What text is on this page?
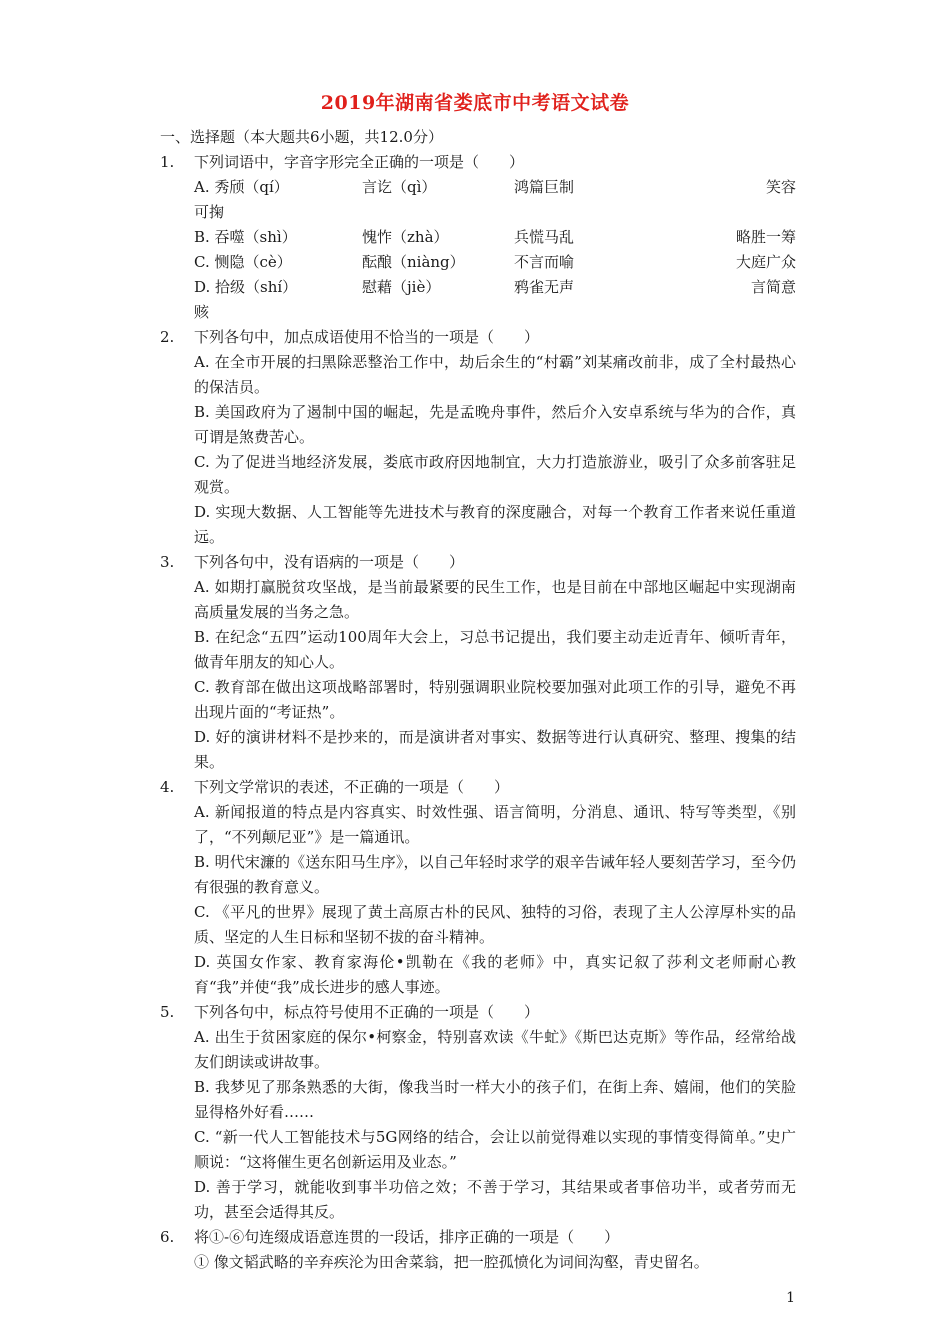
2019年湖南省娄底市中考语文试卷
一、选择题（本大题共6小题，共12.0分）
1.	下列词语中，字音字形完全正确的一项是（　　）
A. 秀颀（qí）	言讫（qì）	鸿篇巨制	笑容
可掬
B. 吞噬（shì）	愧怍（zhà）	兵慌马乱	略胜一筹
C. 恻隐（cè）	酝酿（niàng）	不言而喻	大庭广众
D. 拾级（shí）	慰藉（jiè）	鸦雀无声	言简意
赅
2.	下列各句中，加点成语使用不恰当的一项是（　　）
A. 在全市开展的扫黑除恶整治工作中，劫后余生的“村霸”刘某痛改前非，成了全村最热心的保洁员。
B. 美国政府为了遏制中国的崛起，先是孟晚舟事件，然后介入安卓系统与华为的合作，真可谓是煞费苦心。
C. 为了促进当地经济发展，娄底市政府因地制宜，大力打造旅游业，吸引了众多前客驻足观赏。
D. 实现大数据、人工智能等先进技术与教育的深度融合，对每一个教育工作者来说任重道远。
3.	下列各句中，没有语病的一项是（　　）
A. 如期打赢脱贫攻坚战，是当前最紧要的民生工作，也是目前在中部地区崛起中实现湖南高质量发展的当务之急。
B. 在纪念“五四”运动100周年大会上，习总书记提出，我们要主动走近青年、倾听青年，做青年朋友的知心人。
C. 教育部在做出这项战略部署时，特别强调职业院校要加强对此项工作的引导，避免不再出现片面的“考证热”。
D. 好的演讲材料不是抄来的，而是演讲者对事实、数据等进行认真研究、整理、搜集的结果。
4.	下列文学常识的表述，不正确的一项是（　　）
A. 新闻报道的特点是内容真实、时效性强、语言简明，分消息、通讯、特写等类型，《别了，“不列颠尼亚”》是一篇通讯。
B. 明代宋濂的《送东阳马生序》，以自己年轻时求学的艰辛告诫年轻人要刻苦学习，至今仍有很强的教育意义。
C. 《平凡的世界》展现了黄土高原古朴的民风、独特的习俗，表现了主人公淳厚朴实的品质、坚定的人生日标和坚韧不拔的奋斗精神。
D. 英国女作家、教育家海伦•凯勒在《我的老师》中，真实记叙了莎利文老师耐心教育“我”并使“我”成长进步的感人事迹。
5.	下列各句中，标点符号使用不正确的一项是（　　）
A. 出生于贫困家庭的保尔•柯察金，特别喜欢读《牛虻》《斯巴达克斯》等作品，经常给战友们朗读或讲故事。
B. 我梦见了那条熟悉的大街，像我当时一样大小的孩子们，在街上奔、嬉闹，他们的笑脸显得格外好看……
C. “新一代人工智能技术与5G网络的结合，会让以前觉得难以实现的事情变得简单。”史广顺说：“这将催生更名创新运用及业态。”
D. 善于学习，就能收到事半功倍之效；不善于学习，其结果或者事倍功半，或者劳而无功，甚至会适得其反。
6.	将①-⑥句连缀成语意连贯的一段话，排序正确的一项是（　　）
① 像文韬武略的辛弃疾沦为田舍菜翁，把一腔孤愤化为词间沟壑，青史留名。
1
